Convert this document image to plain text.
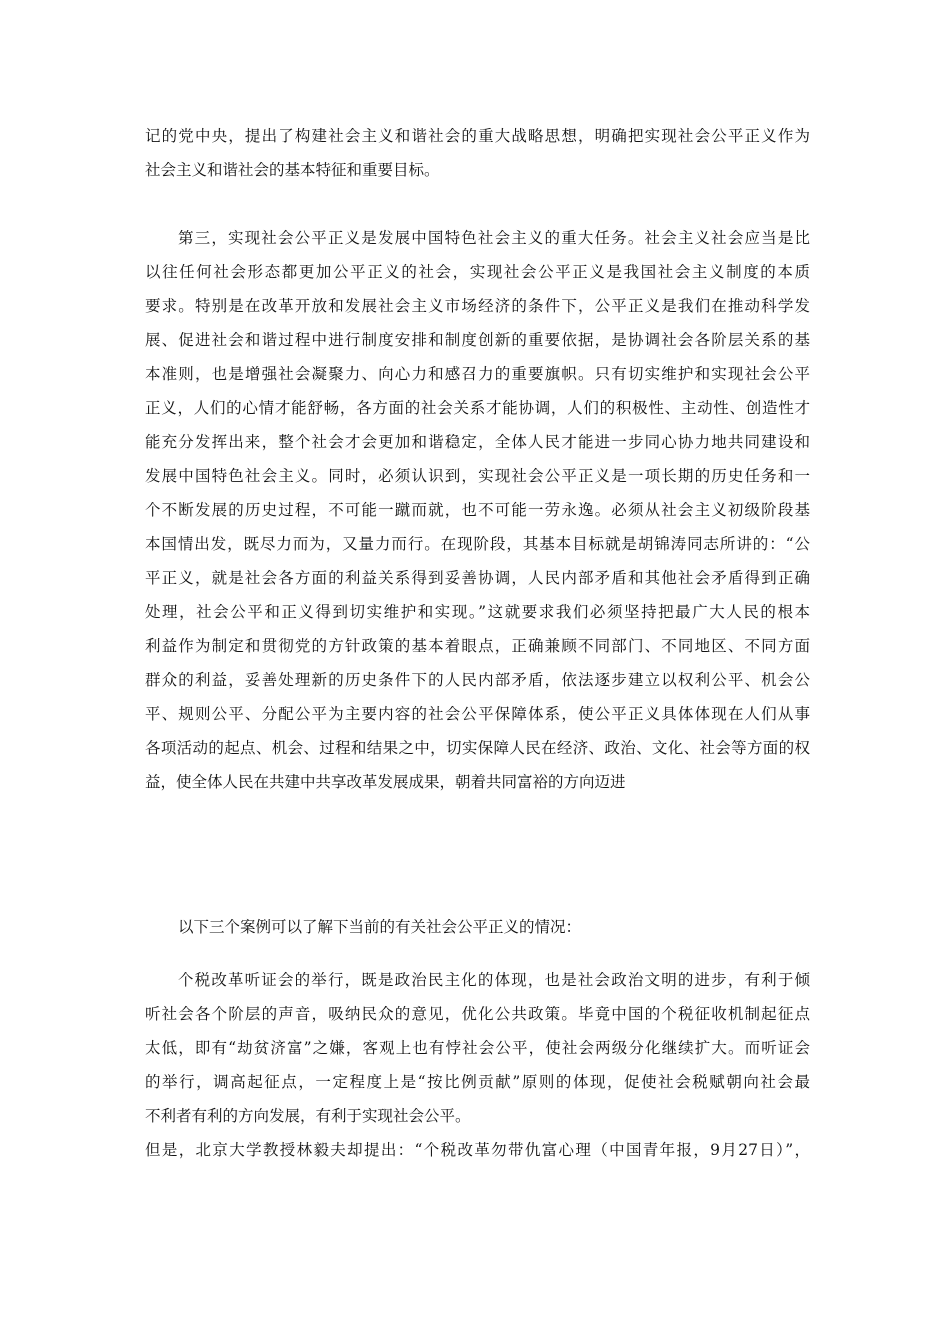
记的党中央，提出了构建社会主义和谐社会的重大战略思想，明确把实现社会公平正义作为
社会主义和谐社会的基本特征和重要目标。
第三，实现社会公平正义是发展中国特色社会主义的重大任务。社会主义社会应当是比
以往任何社会形态都更加公平正义的社会，实现社会公平正义是我国社会主义制度的本质
要求。特别是在改革开放和发展社会主义市场经济的条件下，公平正义是我们在推动科学发
展、促进社会和谐过程中进行制度安排和制度创新的重要依据，是协调社会各阶层关系的基
本准则，也是增强社会凝聚力、向心力和感召力的重要旗帜。只有切实维护和实现社会公平
正义，人们的心情才能舒畅，各方面的社会关系才能协调，人们的积极性、主动性、创造性才
能充分发挥出来，整个社会才会更加和谐稳定，全体人民才能进一步同心协力地共同建设和
发展中国特色社会主义。同时，必须认识到，实现社会公平正义是一项长期的历史任务和一
个不断发展的历史过程，不可能一蹴而就，也不可能一劳永逸。必须从社会主义初级阶段基
本国情出发，既尽力而为，又量力而行。在现阶段，其基本目标就是胡锦涛同志所讲的：“公
平正义，就是社会各方面的利益关系得到妥善协调，人民内部矛盾和其他社会矛盾得到正确
处理，社会公平和正义得到切实维护和实现。”这就要求我们必须坚持把最广大人民的根本
利益作为制定和贯彻党的方针政策的基本着眼点，正确兼顾不同部门、不同地区、不同方面
群众的利益，妥善处理新的历史条件下的人民内部矛盾，依法逐步建立以权利公平、机会公
平、规则公平、分配公平为主要内容的社会公平保障体系，使公平正义具体体现在人们从事
各项活动的起点、机会、过程和结果之中，切实保障人民在经济、政治、文化、社会等方面的权
益，使全体人民在共建中共享改革发展成果，朝着共同富裕的方向迈进
以下三个案例可以了解下当前的有关社会公平正义的情况：
个税改革听证会的举行，既是政治民主化的体现，也是社会政治文明的进步，有利于倾
听社会各个阶层的声音，吸纳民众的意见，优化公共政策。毕竟中国的个税征收机制起征点
太低，即有“劫贫济富”之嫌，客观上也有悖社会公平，使社会两级分化继续扩大。而听证会
的举行，调高起征点，一定程度上是“按比例贡献”原则的体现，促使社会税赋朝向社会最
不利者有利的方向发展，有利于实现社会公平。
但是，北京大学教授林毅夫却提出：“个税改革勿带仇富心理（中国青年报，9月27日）”，
